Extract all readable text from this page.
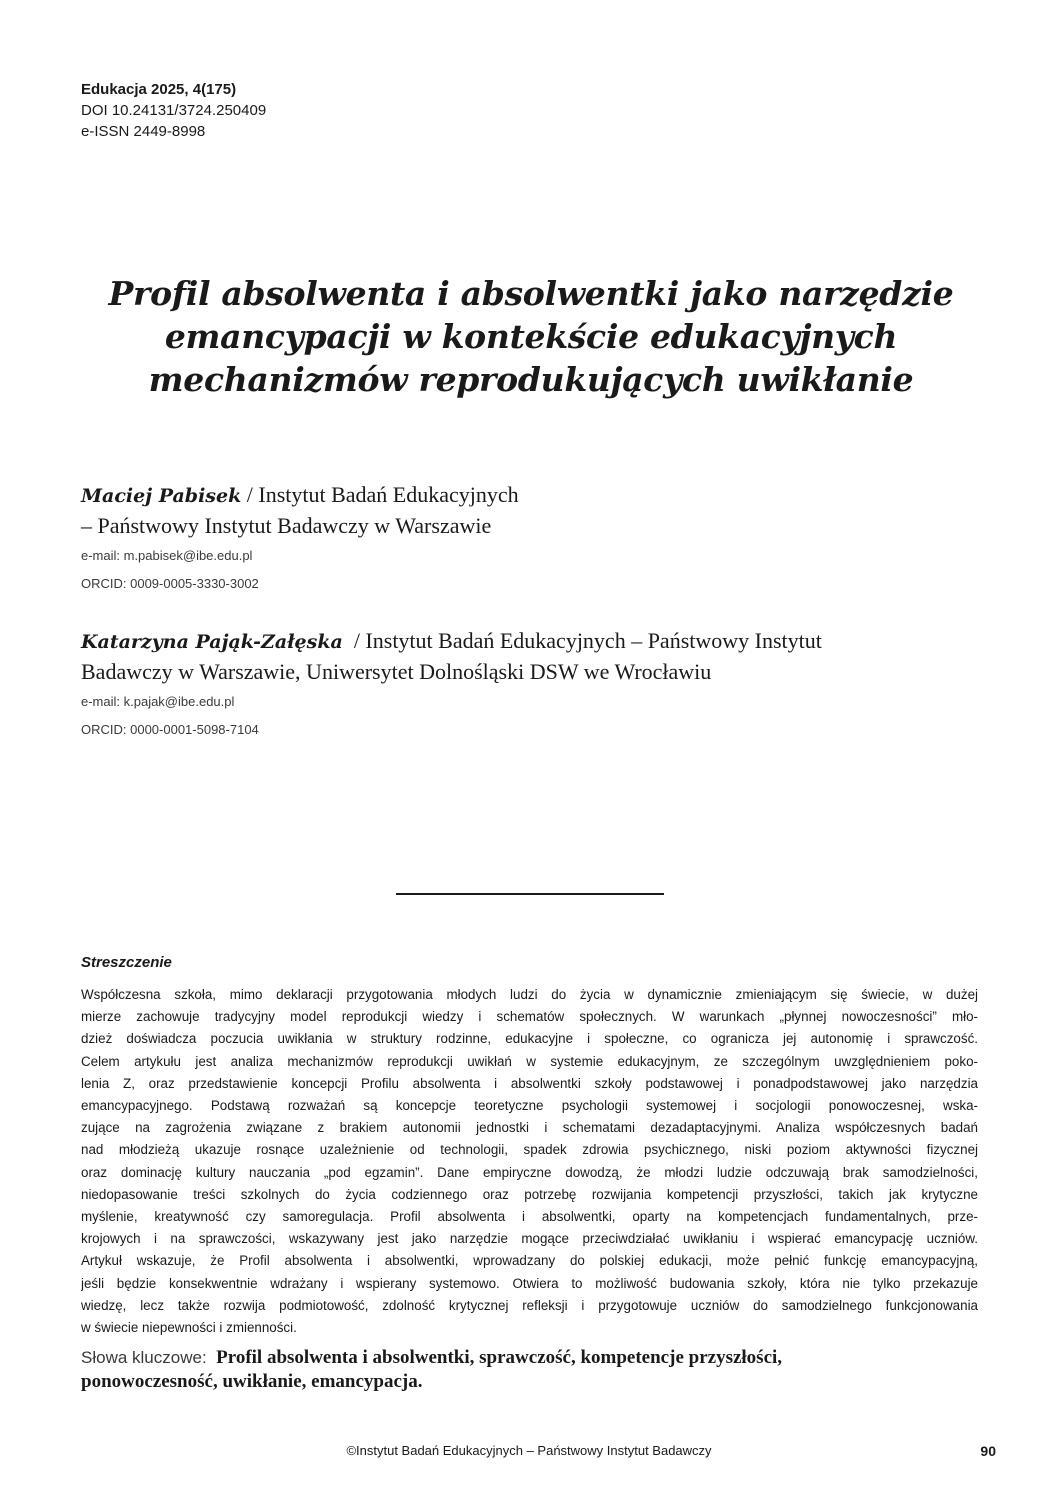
Edukacja 2025, 4(175)
DOI 10.24131/3724.250409
e-ISSN 2449-8998
Profil absolwenta i absolwentki jako narzędzie
emancypacji w kontekście edukacyjnych
mechanizmów reprodukujących uwikłanie
Maciej Pabisek / Instytut Badań Edukacyjnych
– Państwowy Instytut Badawczy w Warszawie
e-mail: m.pabisek@ibe.edu.pl
ORCID: 0009-0005-3330-3002
Katarzyna Pająk-Załęska  / Instytut Badań Edukacyjnych – Państwowy Instytut
Badawczy w Warszawie, Uniwersytet Dolnośląski DSW we Wrocławiu
e-mail: k.pajak@ibe.edu.pl
ORCID: 0000-0001-5098-7104
Streszczenie
Współczesna szkoła, mimo deklaracji przygotowania młodych ludzi do życia w dynamicznie zmieniającym się świecie, w dużej
mierze zachowuje tradycyjny model reprodukcji wiedzy i schematów społecznych. W warunkach „płynnej nowoczesności” mło-
dzież doświadcza poczucia uwikłania w struktury rodzinne, edukacyjne i społeczne, co ogranicza jej autonomię i sprawczość.
Celem artykułu jest analiza mechanizmów reprodukcji uwikłań w systemie edukacyjnym, ze szczególnym uwzględnieniem poko-
lenia Z, oraz przedstawienie koncepcji Profilu absolwenta i absolwentki szkoły podstawowej i ponadpodstawowej jako narzędzia
emancypacyjnego. Podstawą rozważań są koncepcje teoretyczne psychologii systemowej i socjologii ponowoczesnej, wska-
zujące na zagrożenia związane z brakiem autonomii jednostki i schematami dezadaptacyjnymi. Analiza współczesnych badań
nad młodzieżą ukazuje rosnące uzależnienie od technologii, spadek zdrowia psychicznego, niski poziom aktywności fizycznej
oraz dominację kultury nauczania „pod egzamin”. Dane empiryczne dowodzą, że młodzi ludzie odczuwają brak samodzielności,
niedopasowanie treści szkolnych do życia codziennego oraz potrzebę rozwijania kompetencji przyszłości, takich jak krytyczne
myślenie, kreatywność czy samoregulacja. Profil absolwenta i absolwentki, oparty na kompetencjach fundamentalnych, prze-
krojowych i na sprawczości, wskazywany jest jako narzędzie mogące przeciwdziałać uwikłaniu i wspierać emancypację uczniów.
Artykuł wskazuje, że Profil absolwenta i absolwentki, wprowadzany do polskiej edukacji, może pełnić funkcję emancypacyjną,
jeśli będzie konsekwentnie wdrażany i wspierany systemowo. Otwiera to możliwość budowania szkoły, która nie tylko przekazuje
wiedzę, lecz także rozwija podmiotowość, zdolność krytycznej refleksji i przygotowuje uczniów do samodzielnego funkcjonowania
w świecie niepewności i zmienności.
Słowa kluczowe:  Profil absolwenta i absolwentki, sprawczość, kompetencje przyszłości,
ponowoczesność, uwikłanie, emancypacja.
©Instytut Badań Edukacyjnych – Państwowy Instytut Badawczy	90
